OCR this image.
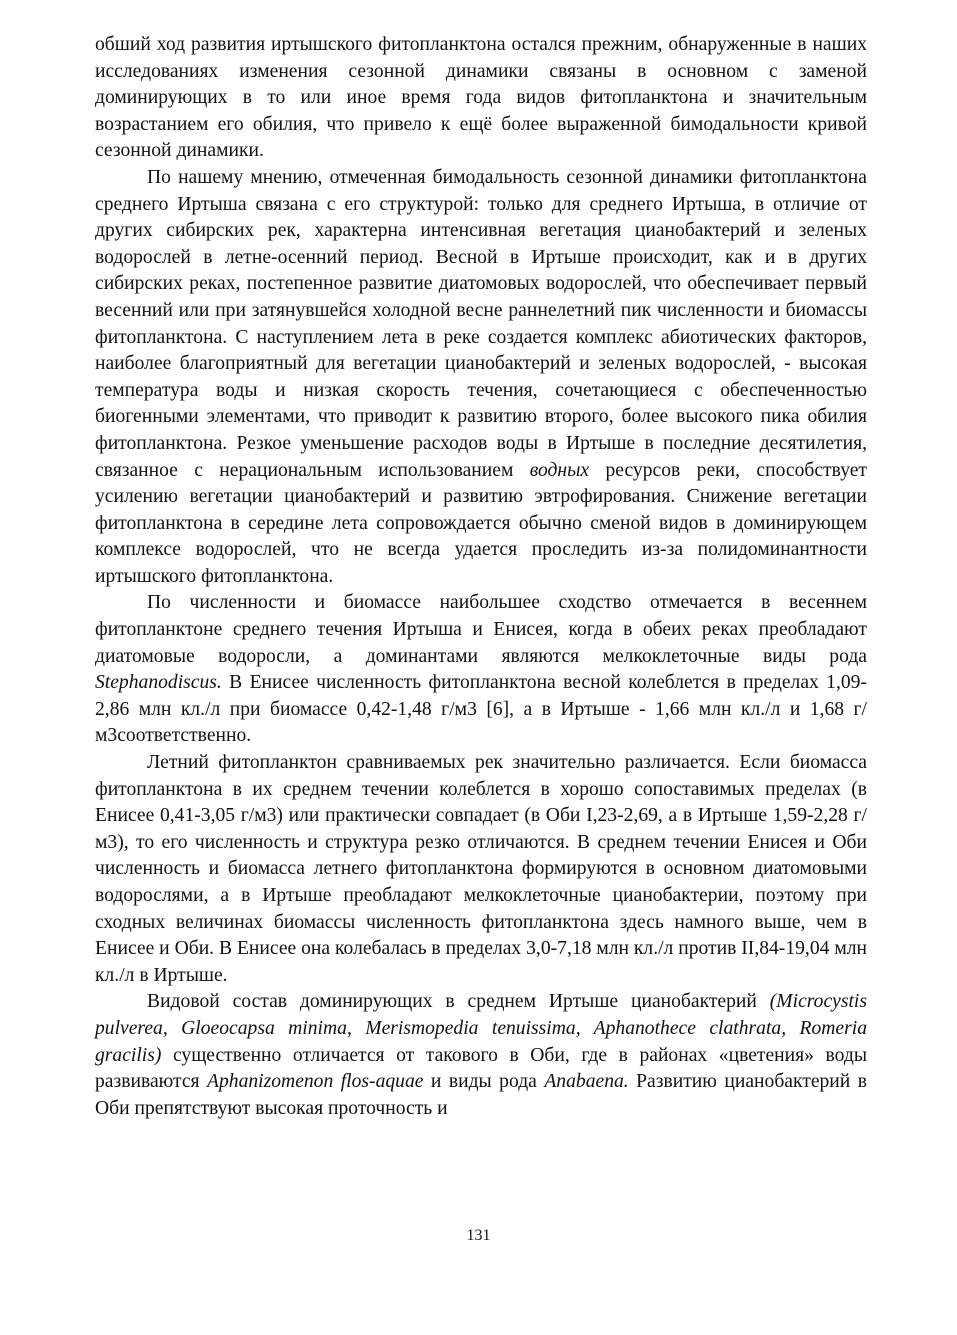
обший ход развития иртышского фитопланктона остался прежним, обнаруженные в наших исследованиях изменения сезонной динамики связаны в основном с заменой доминирующих в то или иное время года видов фитопланктона и значительным возрастанием его обилия, что привело к ещё более выраженной бимодальности кривой сезонной динамики.

По нашему мнению, отмеченная бимодальность сезонной динамики фитопланктона среднего Иртыша связана с его структурой: только для среднего Иртыша, в отличие от других сибирских рек, характерна интенсивная вегетация цианобактерий и зеленых водорослей в летне-осенний период. Весной в Иртыше происходит, как и в других сибирских реках, постепенное развитие диатомовых водорослей, что обеспечивает первый весенний или при затянувшейся холодной весне раннелетний пик численности и биомассы фитопланктона. С наступлением лета в реке создается комплекс абиотических факторов, наиболее благоприятный для вегетации цианобактерий и зеленых водорослей, - высокая температура воды и низкая скорость течения, сочетающиеся с обеспеченностью биогенными элементами, что приводит к развитию второго, более высокого пика обилия фитопланктона. Резкое уменьшение расходов воды в Иртыше в последние десятилетия, связанное с нерациональным использованием водных ресурсов реки, способствует усилению вегетации цианобактерий и развитию эвтрофирования. Снижение вегетации фитопланктона в середине лета сопровождается обычно сменой видов в доминирующем комплексе водорослей, что не всегда удается проследить из-за полидоминантности иртышского фитопланктона.

По численности и биомассе наибольшее сходство отмечается в весеннем фитопланктоне среднего течения Иртыша и Енисея, когда в обеих реках преобладают диатомовые водоросли, а доминантами являются мелкоклеточные виды рода Stephanodiscus. В Енисее численность фитопланктона весной колеблется в пределах 1,09-2,86 млн кл./л при биомассе 0,42-1,48 г/м3 [6], а в Иртыше - 1,66 млн кл./л и 1,68 г/м3соответственно.

Летний фитопланктон сравниваемых рек значительно различается. Если биомасса фитопланктона в их среднем течении колеблется в хорошо сопоставимых пределах (в Енисее 0,41-3,05 г/м3) или практически совпадает (в Оби I,23-2,69, а в Иртыше 1,59-2,28 г/м3), то его численность и структура резко отличаются. В среднем течении Енисея и Оби численность и биомасса летнего фитопланктона формируются в основном диатомовыми водорослями, а в Иртыше преобладают мелкоклеточные цианобактерии, поэтому при сходных величинах биомассы численность фитопланктона здесь намного выше, чем в Енисее и Оби. В Енисее она колебалась в пределах 3,0-7,18 млн кл./л против II,84-19,04 млн кл./л в Иртыше.

Видовой состав доминирующих в среднем Иртыше цианобактерий (Microcystis pulverea, Gloeocapsa minima, Merismopedia tenuissima, Aphanothece clathrata, Romeria gracilis) существенно отличается от такового в Оби, где в районах «цветения» воды развиваются Aphanizomenon flos-aquae и виды рода Anabaena. Развитию цианобактерий в Оби препятствуют высокая проточность и

131
